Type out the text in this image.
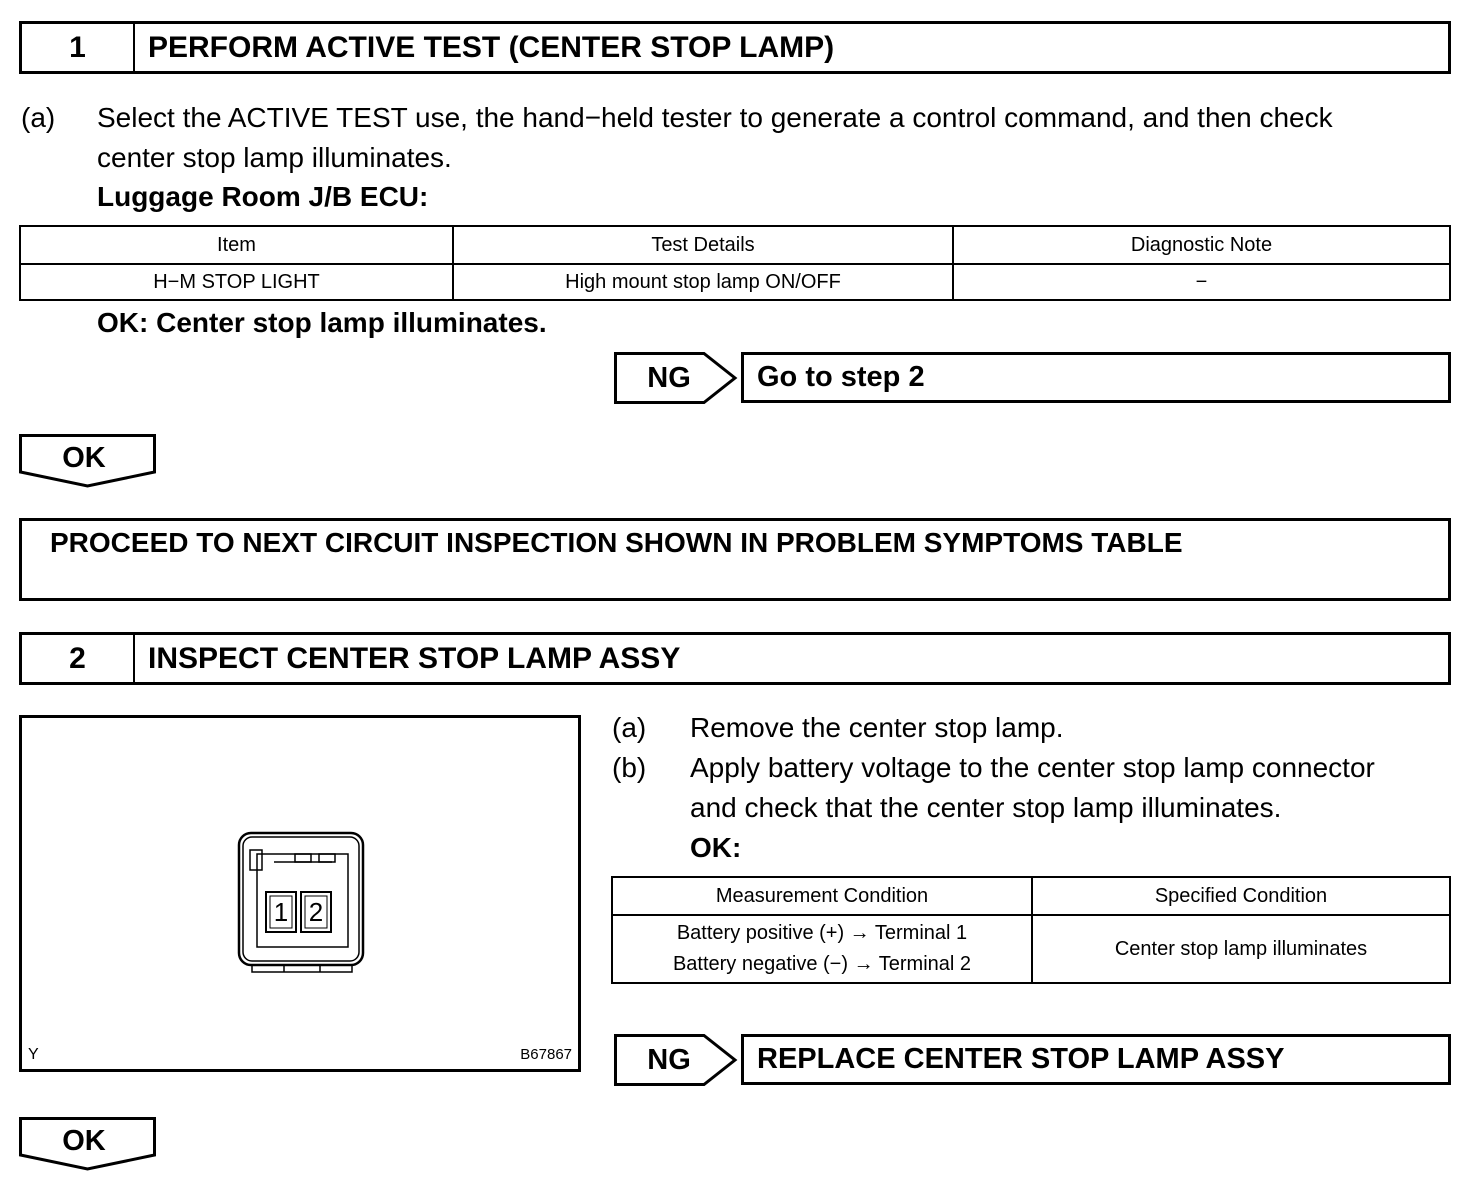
1	PERFORM ACTIVE TEST (CENTER STOP LAMP)
(a) Select the ACTIVE TEST use, the hand−held tester to generate a control command, and then check
center stop lamp illuminates.
Luggage Room J/B ECU:
Item	Test Details	Diagnostic Note
H−M STOP LIGHT	High mount stop lamp ON/OFF	−
OK: Center stop lamp illuminates.
NG	Go to step 2
OK
PROCEED TO NEXT CIRCUIT INSPECTION SHOWN IN PROBLEM SYMPTOMS TABLE
2	INSPECT CENTER STOP LAMP ASSY
1 2
Y	B67867
(a) Remove the center stop lamp.
(b) Apply battery voltage to the center stop lamp connector
and check that the center stop lamp illuminates.
OK:
Measurement Condition	Specified Condition

Battery positive (+) → Terminal 1
Battery negative (−) → Terminal 2	Center stop lamp illuminates
NG	REPLACE CENTER STOP LAMP ASSY
OK
